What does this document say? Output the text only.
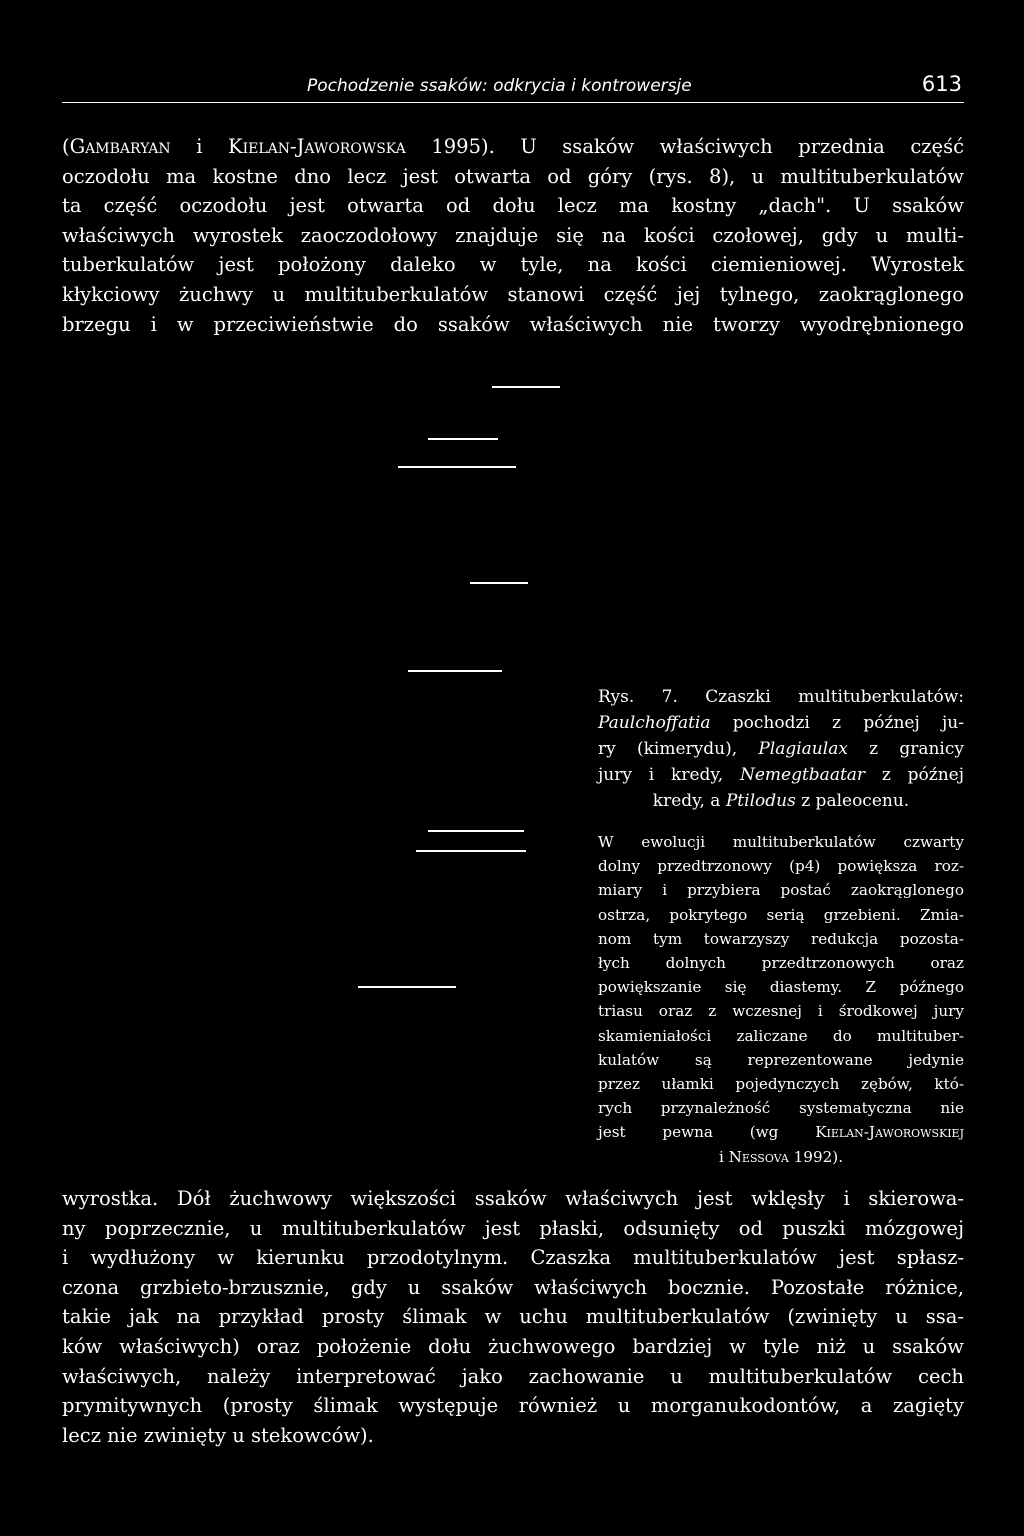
Pochodzenie ssaków: odkrycia i kontrowersje	613
(Gambaryan i Kielan-Jaworowska 1995). U ssaków właściwych przednia część
oczodołu ma kostne dno lecz jest otwarta od góry (rys. 8), u multituberkulatów
ta część oczodołu jest otwarta od dołu lecz ma kostny „dach". U ssaków
właściwych wyrostek zaoczodołowy znajduje się na kości czołowej, gdy u multi-
tuberkulatów jest położony daleko w tyle, na kości ciemieniowej. Wyrostek
kłykciowy żuchwy u multituberkulatów stanowi część jej tylnego, zaokrąglonego
brzegu i w przeciwieństwie do ssaków właściwych nie tworzy wyodrębnionego
Rys. 7. Czaszki multituberkulatów:
Paulchoffatia pochodzi z późnej ju-
ry (kimerydu), Plagiaulax z granicy
jury i kredy, Nemegtbaatar z późnej
kredy, a Ptilodus z paleocenu.
W ewolucji multituberkulatów czwarty
dolny przedtrzonowy (p4) powiększa roz-
miary i przybiera postać zaokrąglonego
ostrza, pokrytego serią grzebieni. Zmia-
nom tym towarzyszy redukcja pozosta-
łych dolnych przedtrzonowych oraz
powiększanie się diastemy. Z późnego
triasu oraz z wczesnej i środkowej jury
skamieniałości zaliczane do multituber-
kulatów są reprezentowane jedynie
przez ułamki pojedynczych zębów, któ-
rych przynależność systematyczna nie
jest pewna (wg Kielan-Jaworowskiej
i Nessova 1992).
wyrostka. Dół żuchwowy większości ssaków właściwych jest wklęsły i skierowa-
ny poprzecznie, u multituberkulatów jest płaski, odsunięty od puszki mózgowej
i wydłużony w kierunku przodotylnym. Czaszka multituberkulatów jest spłasz-
czona grzbieto-brzusznie, gdy u ssaków właściwych bocznie. Pozostałe różnice,
takie jak na przykład prosty ślimak w uchu multituberkulatów (zwinięty u ssa-
ków właściwych) oraz położenie dołu żuchwowego bardziej w tyle niż u ssaków
właściwych, należy interpretować jako zachowanie u multituberkulatów cech
prymitywnych (prosty ślimak występuje również u morganukodontów, a zagięty
lecz nie zwinięty u stekowców).
